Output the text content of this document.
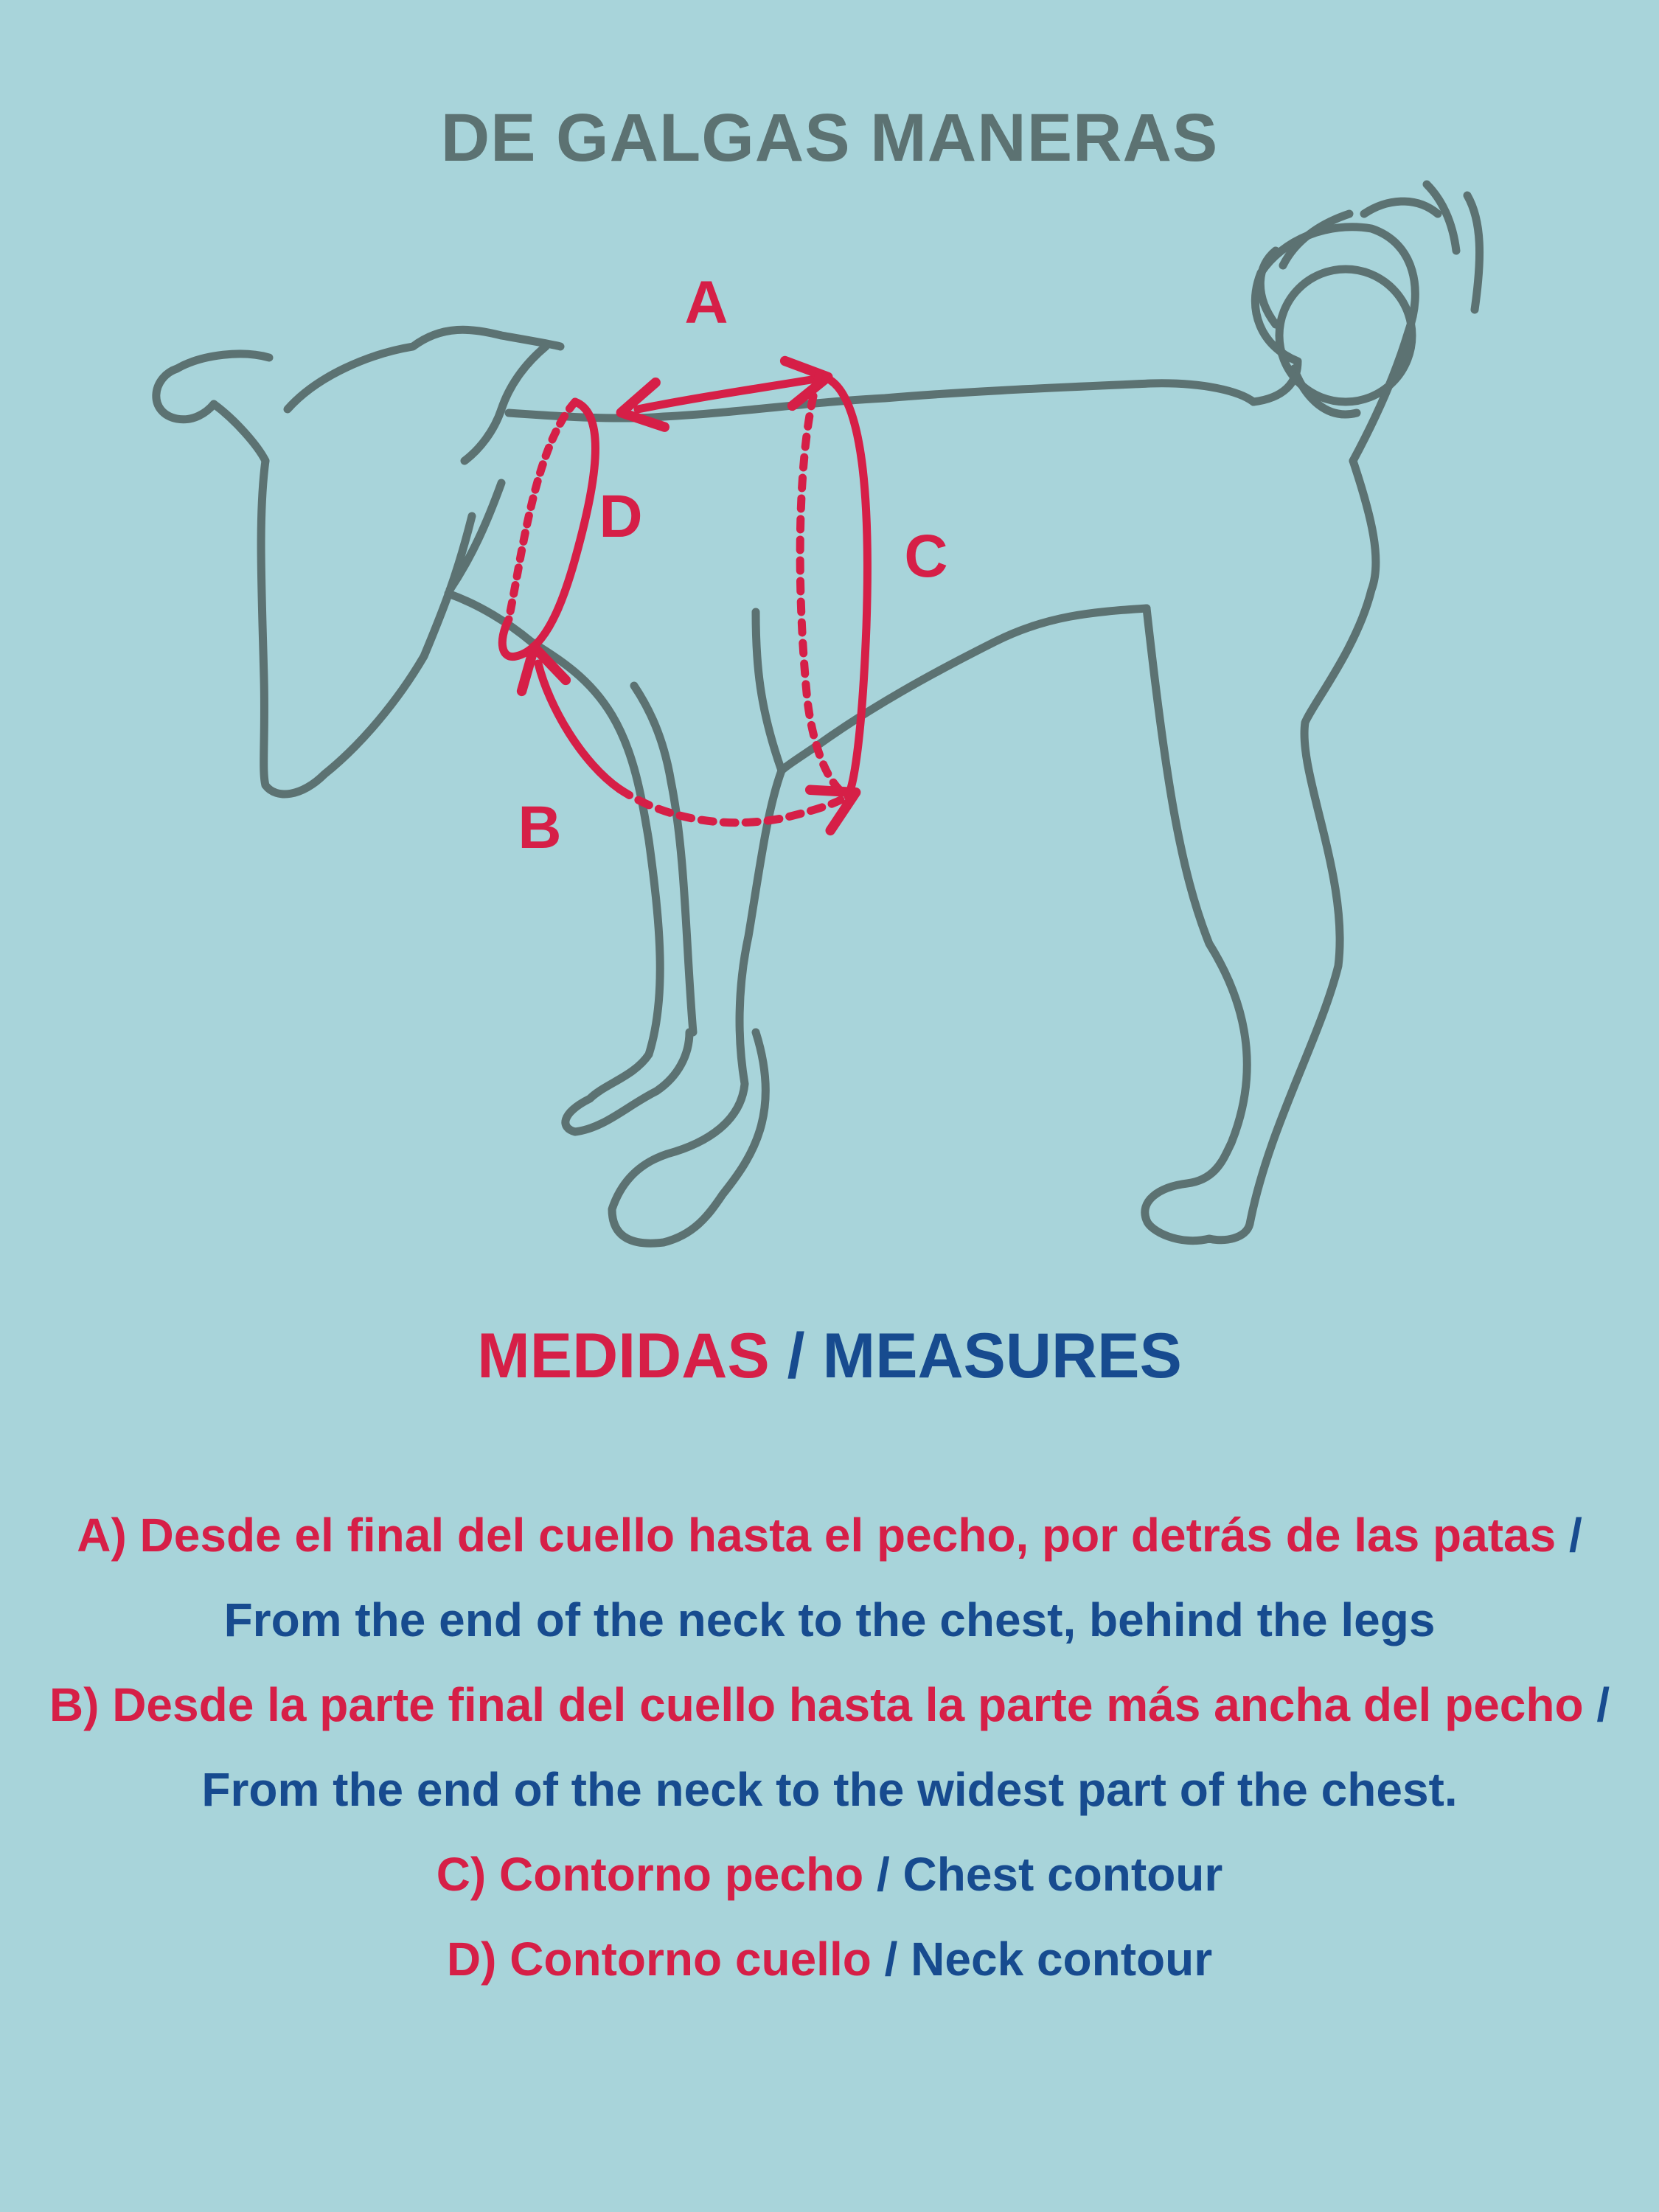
DE GALGAS MANERAS
A
D
C
B
MEDIDAS / MEASURES

A) Desde el final del cuello hasta el pecho, por detrás de las patas / From the end of the neck to the chest, behind the legs

B) Desde la parte final del cuello hasta la parte más ancha del pecho / From the end of the neck to the widest part of the chest.

C) Contorno pecho / Chest contour

D) Contorno cuello / Neck contour
